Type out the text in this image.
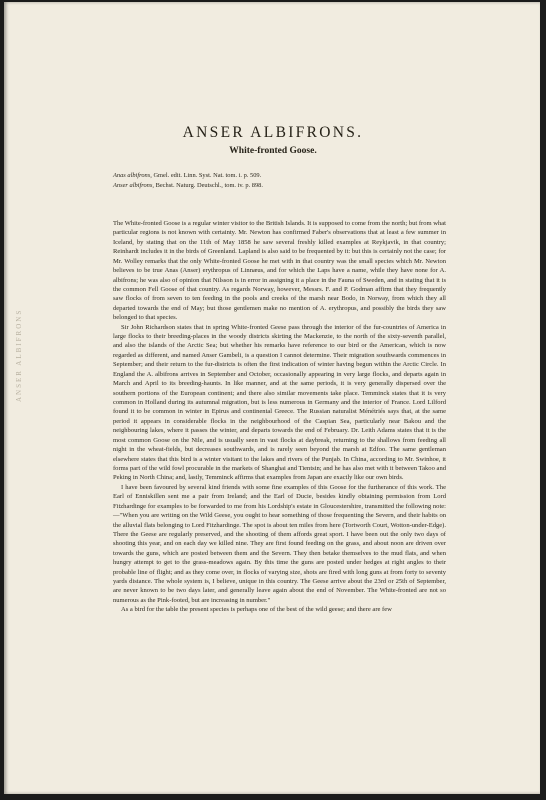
ANSER ALBIFRONS
ANSER ALBIFRONS.
White-fronted Goose.
Anas albifrons, Gmel. edit. Linn. Syst. Nat. tom. i. p. 509.
Anser albifrons, Bechst. Naturg. Deutschl., tom. iv. p. 898.

The White-fronted Goose is a regular winter visitor to the British Islands. It is supposed to come from the north; but from what particular regions is not known with certainty. Mr. Newton has confirmed Faber's observations that at least a few summer in Iceland, by stating that on the 11th of May 1858 he saw several freshly killed examples at Reykjavik, in that country; Reinhardt includes it in the birds of Greenland. Lapland is also said to be frequented by it: but this is certainly not the case; for Mr. Wolley remarks that the only White-fronted Goose he met with in that country was the small species which Mr. Newton believes to be true Anas (Anser) erythropus of Linnæus, and for which the Laps have a name, while they have none for A. albifrons; he was also of opinion that Nilsson is in error in assigning it a place in the Fauna of Sweden, and in stating that it is the common Fell Goose of that country. As regards Norway, however, Messrs. F. and P. Godman affirm that they frequently saw flocks of from seven to ten feeding in the pools and creeks of the marsh near Bodo, in Norway, from which they all departed towards the end of May; but those gentlemen make no mention of A. erythropus, and possibly the birds they saw belonged to that species.

Sir John Richardson states that in spring White-fronted Geese pass through the interior of the fur-countries of America in large flocks to their breeding-places in the woody districts skirting the Mackenzie, to the north of the sixty-seventh parallel, and also the islands of the Arctic Sea; but whether his remarks have reference to our bird or the American, which is now regarded as different, and named Anser Gambeli, is a question I cannot determine. Their migration southwards commences in September; and their return to the fur-districts is often the first indication of winter having begun within the Arctic Circle. In England the A. albifrons arrives in September and October, occasionally appearing in very large flocks, and departs again in March and April to its breeding-haunts. In like manner, and at the same periods, it is very generally dispersed over the southern portions of the European continent; and there also similar movements take place. Temminck states that it is very common in Holland during its autumnal migration, but is less numerous in Germany and the interior of France. Lord Lilford found it to be common in winter in Epirus and continental Greece. The Russian naturalist Ménétriés says that, at the same period it appears in considerable flocks in the neighbourhood of the Caspian Sea, particularly near Bakou and the neighbouring lakes, where it passes the winter, and departs towards the end of February. Dr. Leith Adams states that it is the most common Goose on the Nile, and is usually seen in vast flocks at daybreak, returning to the shallows from feeding all night in the wheat-fields, but decreases southwards, and is rarely seen beyond the marsh at Edfoo. The same gentleman elsewhere states that this bird is a winter visitant to the lakes and rivers of the Punjab. In China, according to Mr. Swinhoe, it forms part of the wild fowl procurable in the markets of Shanghai and Tientsin; and he has also met with it between Takoo and Peking in North China; and, lastly, Temminck affirms that examples from Japan are exactly like our own birds.

I have been favoured by several kind friends with some fine examples of this Goose for the furtherance of this work. The Earl of Enniskillen sent me a pair from Ireland; and the Earl of Ducie, besides kindly obtaining permission from Lord Fitzhardinge for examples to be forwarded to me from his Lordship's estate in Gloucestershire, transmitted the following note:—"When you are writing on the Wild Geese, you ought to hear something of those frequenting the Severn, and their habits on the alluvial flats belonging to Lord Fitzhardinge. The spot is about ten miles from here (Tortworth Court, Wotton-under-Edge). There the Geese are regularly preserved, and the shooting of them affords great sport. I have been out the only two days of shooting this year, and on each day we killed nine. They are first found feeding on the grass, and about noon are driven over towards the guns, which are posted between them and the Severn. They then betake themselves to the mud flats, and when hungry attempt to get to the grass-meadows again. By this time the guns are posted under hedges at right angles to their probable line of flight; and as they come over, in flocks of varying size, shots are fired with long guns at from forty to seventy yards distance. The whole system is, I believe, unique in this country. The Geese arrive about the 23rd or 25th of September, are never known to be two days later, and generally leave again about the end of November. The White-fronted are not so numerous as the Pink-footed, but are increasing in number."

As a bird for the table the present species is perhaps one of the best of the wild geese; and there are few
